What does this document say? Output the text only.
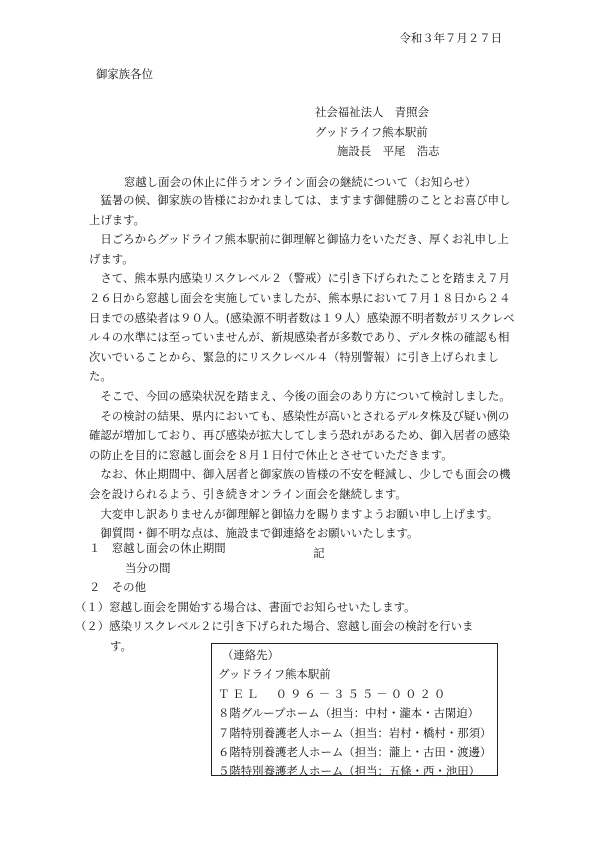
令和３年７月２７日
御家族各位
社会福祉法人　青照会
グッドライフ熊本駅前
施設長　平尾　浩志
窓越し面会の休止に伴うオンライン面会の継続について（お知らせ）

猛暑の候、御家族の皆様におかれましては、ますます御健勝のこととお喜び申し上げます。

日ごろからグッドライフ熊本駅前に御理解と御協力をいただき、厚くお礼申し上げます。

さて、熊本県内感染リスクレベル２（警戒）に引き下げられたことを踏まえ７月２６日から窓越し面会を実施していましたが、熊本県において７月１８日から２４日までの感染者は９０人。(感染源不明者数は１９人）感染源不明者数がリスクレベル４の水準には至っていませんが、新規感染者が多数であり、デルタ株の確認も相次いでいることから、緊急的にリスクレベル４（特別警報）に引き上げられました。

そこで、今回の感染状況を踏まえ、今後の面会のあり方について検討しました。

その検討の結果、県内においても、感染性が高いとされるデルタ株及び疑い例の確認が増加しており、再び感染が拡大してしまう恐れがあるため、御入居者の感染の防止を目的に窓越し面会を８月１日付で休止とさせていただきます。

なお、休止期間中、御入居者と御家族の皆様の不安を軽減し、少しでも面会の機会を設けられるよう、引き続きオンライン面会を継続します。

大変申し訳ありませんが御理解と御協力を賜りますようお願い申し上げます。

御質問・御不明な点は、施設まで御連絡をお願いいたします。

記

１　窓越し面会の休止期間
当分の間
２　その他
（１）窓越し面会を開始する場合は、書面でお知らせいたします。
（２）感染リスクレベル２に引き下げられた場合、窓越し面会の検討を行いま
す。
（連絡先）
グッドライフ熊本駅前
ＴＥＬ　０９６－３５５－００２０
８階グループホーム（担当：中村・瀧本・古閑迫）
７階特別養護老人ホーム（担当：岩村・橋村・那須）
６階特別養護老人ホーム（担当：瀧上・古田・渡邊）
５階特別養護老人ホーム（担当：五條・西・池田）
